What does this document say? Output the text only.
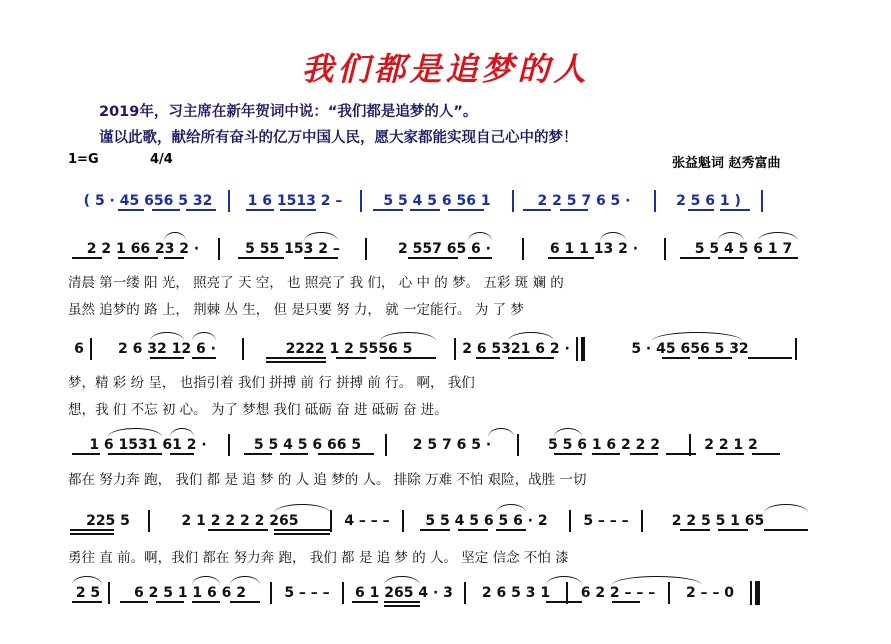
我们都是追梦的人
2019年，习主席在新年贺词中说：“我们都是追梦的人”。
谨以此歌，献给所有奋斗的亿万中国人民，愿大家都能实现自己心中的梦！
1=G	4/4	张益魁词 赵秀富曲
( 5 · 45 656 5 32	1 6 1513 2 –	5 5 4 5 6 56 1	2 2 5 7 6 5 ·	2 5 6 1 )
2 2 1 66 23 2 ·	5 55 153 2 –	2 557 65 6 ·	6 1 1 13 2 ·	5 5 4 5 6 1 7
清晨 第一缕 阳 光， 照亮了 天 空， 也 照亮了 我 们， 心 中 的 梦。 五彩 斑 斓 的
虽然 追梦的 路 上， 荆棘 丛 生， 但 是只要 努 力， 就 一定能行。 为 了 梦
6	2 6 32 12 6 ·	2222 1 2 5556 5	2 6 5321 6 2 ·	5 · 45 656 5 32
梦，精 彩 纷 呈， 也指引着 我们 拼搏 前 行 拼搏 前 行。 啊， 我们
想，我 们 不忘 初 心。 为了 梦想 我们 砥砺 奋 进 砥砺 奋 进。
1 6 1531 61 2 ·	5 5 4 5 6 66 5	2 5 7 6 5 ·	5 5 6 1 6 2 2 2	2 2 1 2
都在 努力奔 跑， 我们 都 是 追 梦 的 人 追 梦的 人。 排除 万难 不怕 艰险，战胜 一切
225 5	2 1 2 2 2 2 265	4 – – –	5 5 4 5 6 5 6 · 2	5 – – –	2 2 5 5 1 65
勇往 直 前。啊，我们 都在 努力奔 跑， 我们 都 是 追 梦 的 人。 坚定 信念 不怕 漆
2 5	6 2 5 1 1 6 6 2	5 – – –	6 1 265 4 · 3	2 6 5 3 1	6 2 2 – – –	2 – – 0
